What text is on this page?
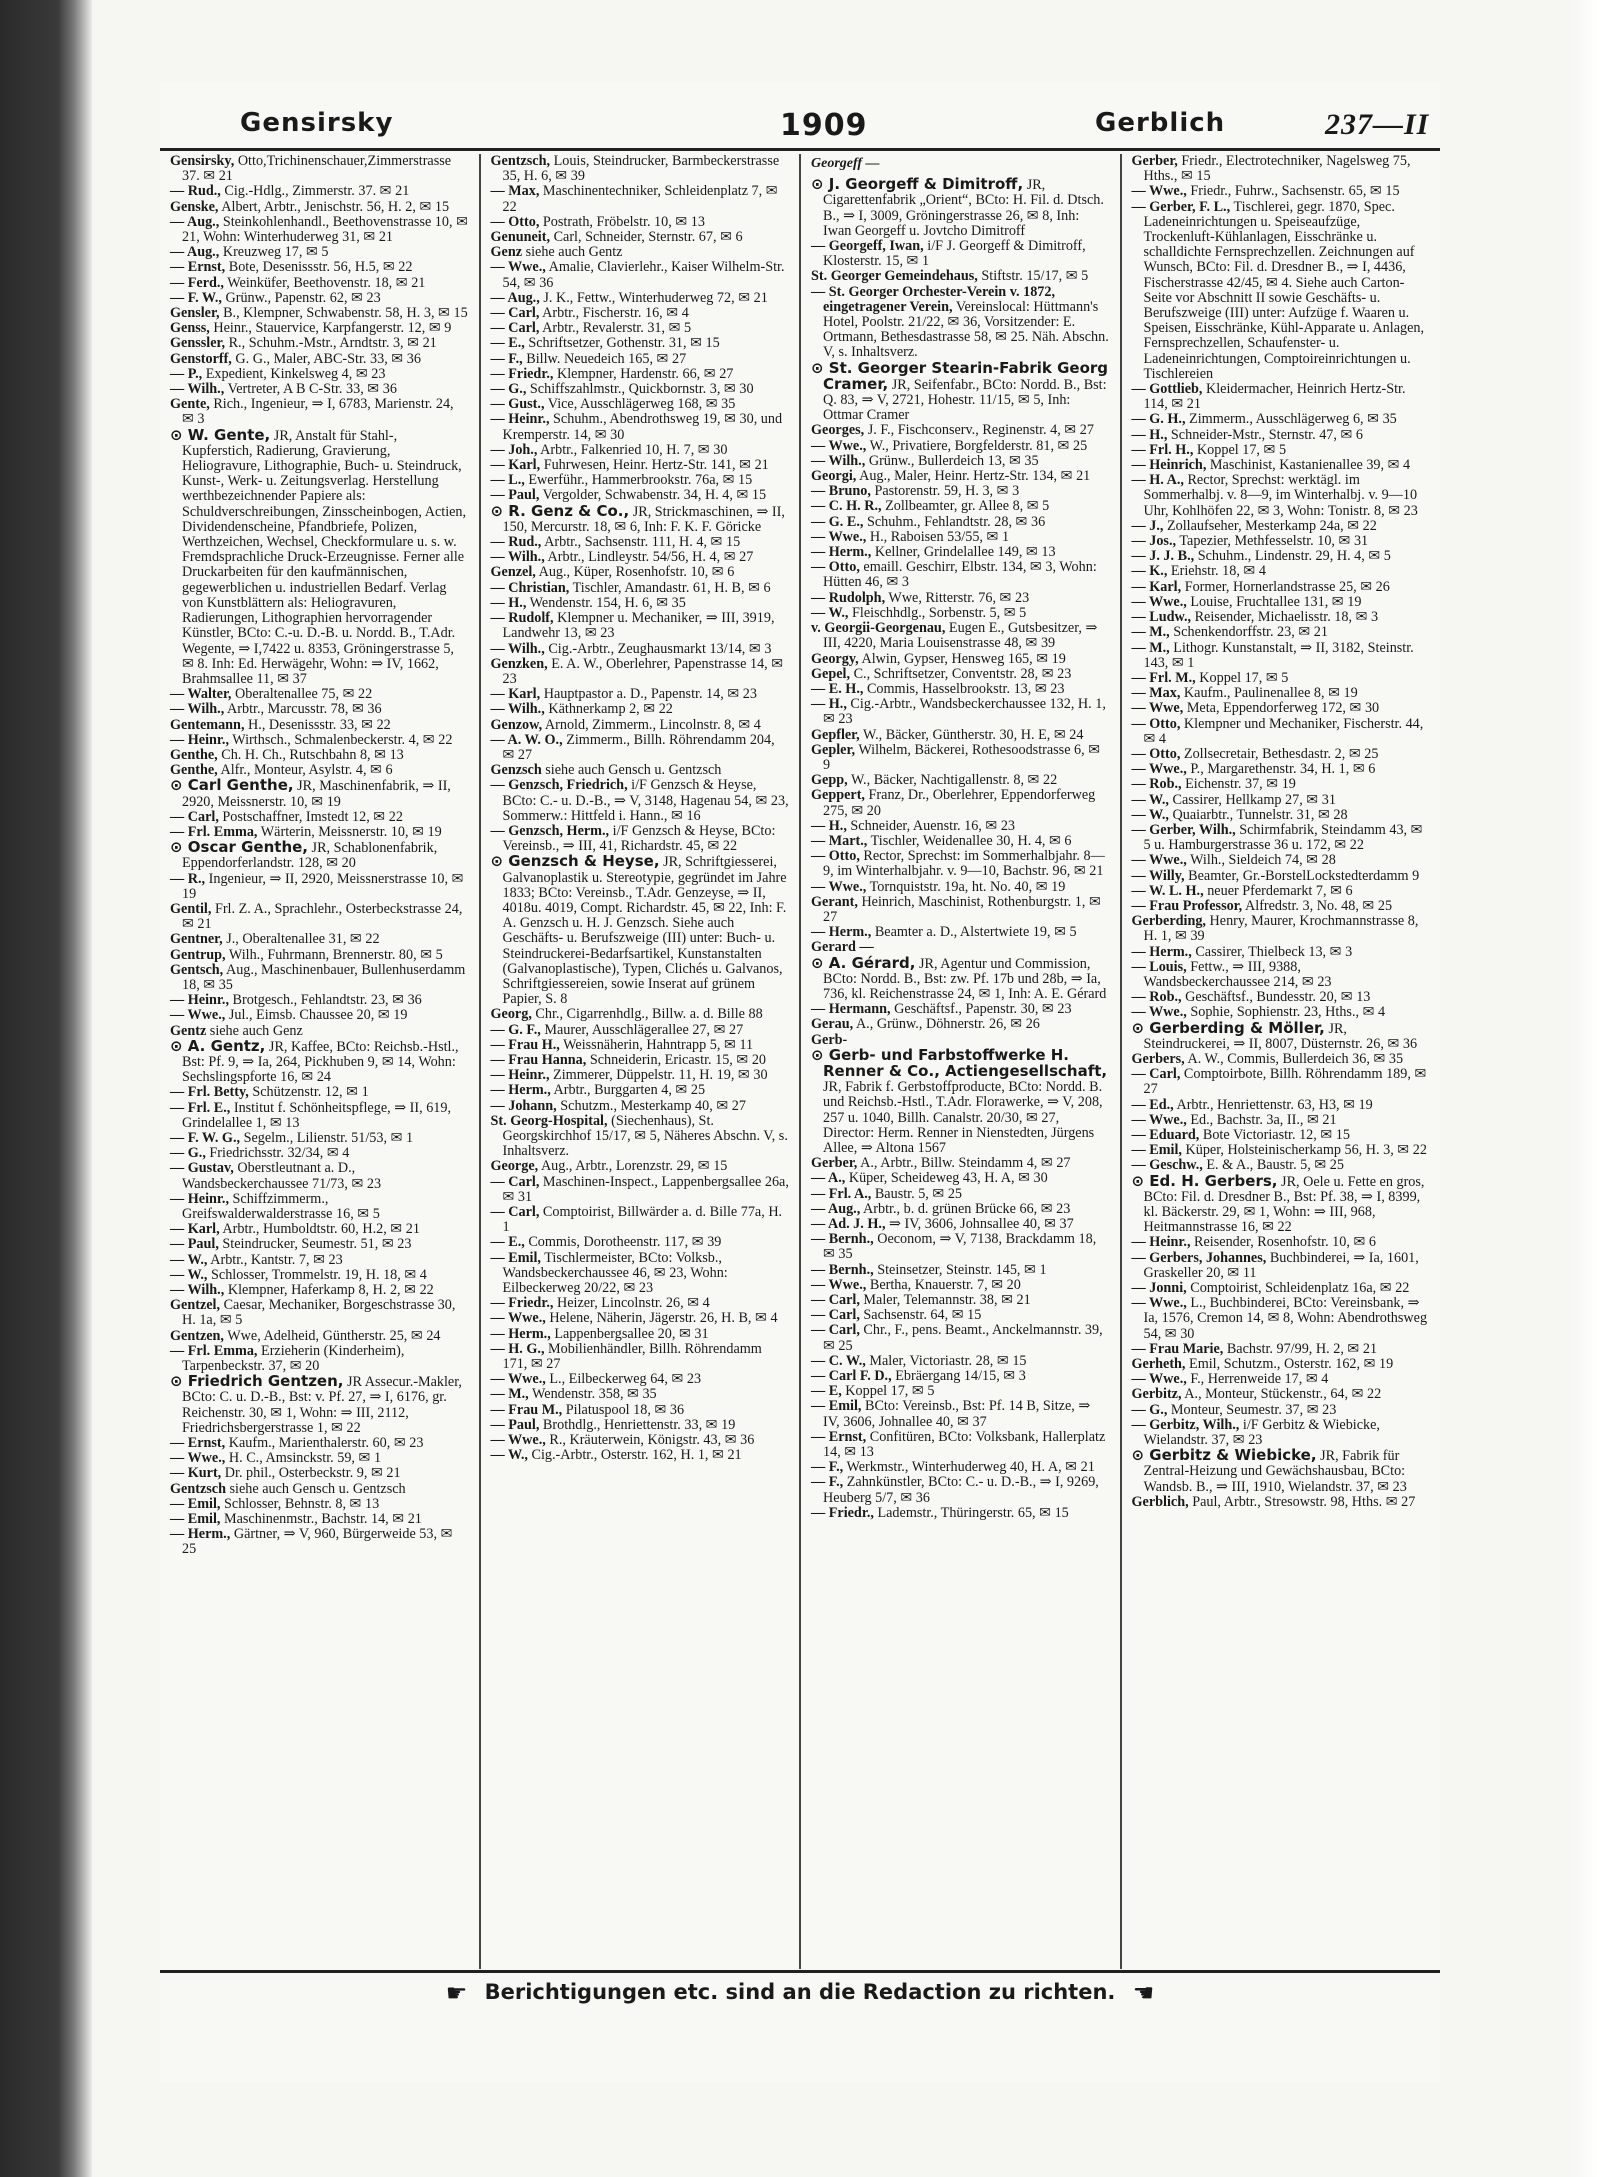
Gensirsky	1909	Gerblich	237—II

Gensirsky, Otto,Trichinenschauer,Zimmerstrasse 37. ✉ 21

— Rud., Cig.-Hdlg., Zimmerstr. 37. ✉ 21

Genske, Albert, Arbtr., Jenischstr. 56, H. 2, ✉ 15

— Aug., Steinkohlenhandl., Beethovenstrasse 10, ✉ 21, Wohn: Winterhuderweg 31, ✉ 21

— Aug., Kreuzweg 17, ✉ 5

— Ernst, Bote, Desenissstr. 56, H.5, ✉ 22

— Ferd., Weinküfer, Beethovenstr. 18, ✉ 21

— F. W., Grünw., Papenstr. 62, ✉ 23

Gensler, B., Klempner, Schwabenstr. 58, H. 3, ✉ 15

Genss, Heinr., Stauervice, Karpfangerstr. 12, ✉ 9

Genssler, R., Schuhm.-Mstr., Arndtstr. 3, ✉ 21

Genstorff, G. G., Maler, ABC-Str. 33, ✉ 36

— P., Expedient, Kinkelsweg 4, ✉ 23

— Wilh., Vertreter, A B C-Str. 33, ✉ 36

Gente, Rich., Ingenieur, ⇒ I, 6783, Marienstr. 24, ✉ 3

⊙ W. Gente, JR, Anstalt für Stahl-, Kupferstich, Radierung, Gravierung, Heliogravure, Lithographie, Buch- u. Steindruck, Kunst-, Werk- u. Zeitungsverlag. Herstellung werthbezeichnender Papiere als: Schuldverschreibungen, Zinsscheinbogen, Actien, Dividendenscheine, Pfandbriefe, Polizen, Werthzeichen, Wechsel, Checkformulare u. s. w. Fremdsprachliche Druck-Erzeugnisse. Ferner alle Druckarbeiten für den kaufmännischen, gegewerblichen u. industriellen Bedarf. Verlag von Kunstblättern als: Heliogravuren, Radierungen, Lithographien hervorragender Künstler, BCto: C.-u. D.-B. u. Nordd. B., T.Adr. Wegente, ⇒ I,7422 u. 8353, Gröningerstrasse 5, ✉ 8. Inh: Ed. Herwägehr, Wohn: ⇒ IV, 1662, Brahmsallee 11, ✉ 37

— Walter, Oberaltenallee 75, ✉ 22

— Wilh., Arbtr., Marcusstr. 78, ✉ 36

Gentemann, H., Desenissstr. 33, ✉ 22

— Heinr., Wirthsch., Schmalenbeckerstr. 4, ✉ 22

Genthe, Ch. H. Ch., Rutschbahn 8, ✉ 13

Genthe, Alfr., Monteur, Asylstr. 4, ✉ 6

⊙ Carl Genthe, JR, Maschinenfabrik, ⇒ II, 2920, Meissnerstr. 10, ✉ 19

— Carl, Postschaffner, Imstedt 12, ✉ 22

— Frl. Emma, Wärterin, Meissnerstr. 10, ✉ 19

⊙ Oscar Genthe, JR, Schablonenfabrik, Eppendorferlandstr. 128, ✉ 20

— R., Ingenieur, ⇒ II, 2920, Meissnerstrasse 10, ✉ 19

Gentil, Frl. Z. A., Sprachlehr., Osterbeckstrasse 24, ✉ 21

Gentner, J., Oberaltenallee 31, ✉ 22

Gentrup, Wilh., Fuhrmann, Brennerstr. 80, ✉ 5

Gentsch, Aug., Maschinenbauer, Bullenhuserdamm 18, ✉ 35

— Heinr., Brotgesch., Fehlandtstr. 23, ✉ 36

— Wwe., Jul., Eimsb. Chaussee 20, ✉ 19

Gentz siehe auch Genz

⊙ A. Gentz, JR, Kaffee, BCto: Reichsb.-Hstl., Bst: Pf. 9, ⇒ Ia, 264, Pickhuben 9, ✉ 14, Wohn: Sechslingspforte 16, ✉ 24

— Frl. Betty, Schützenstr. 12, ✉ 1

— Frl. E., Institut f. Schönheitspflege, ⇒ II, 619, Grindelallee 1, ✉ 13

— F. W. G., Segelm., Lilienstr. 51/53, ✉ 1

— G., Friedrichsstr. 32/34, ✉ 4

— Gustav, Oberstleutnant a. D., Wandsbeckerchaussee 71/73, ✉ 23

— Heinr., Schiffzimmerm., Greifswalderwalderstrasse 16, ✉ 5

— Karl, Arbtr., Humboldtstr. 60, H.2, ✉ 21

— Paul, Steindrucker, Seumestr. 51, ✉ 23

— W., Arbtr., Kantstr. 7, ✉ 23

— W., Schlosser, Trommelstr. 19, H. 18, ✉ 4

— Wilh., Klempner, Haferkamp 8, H. 2, ✉ 22

Gentzel, Caesar, Mechaniker, Borgeschstrasse 30, H. 1a, ✉ 5

Gentzen, Wwe, Adelheid, Güntherstr. 25, ✉ 24

— Frl. Emma, Erzieherin (Kinderheim), Tarpenbeckstr. 37, ✉ 20

⊙ Friedrich Gentzen, JR Assecur.-Makler, BCto: C. u. D.-B., Bst: v. Pf. 27, ⇒ I, 6176, gr. Reichenstr. 30, ✉ 1, Wohn: ⇒ III, 2112, Friedrichsbergerstrasse 1, ✉ 22

— Ernst, Kaufm., Marienthalerstr. 60, ✉ 23

— Wwe., H. C., Amsinckstr. 59, ✉ 1

— Kurt, Dr. phil., Osterbeckstr. 9, ✉ 21

Gentzsch siehe auch Gensch u. Gentzsch

— Emil, Schlosser, Behnstr. 8, ✉ 13

— Emil, Maschinenmstr., Bachstr. 14, ✉ 21

— Herm., Gärtner, ⇒ V, 960, Bürgerweide 53, ✉ 25

Gentzsch, Louis, Steindrucker, Barmbeckerstrasse 35, H. 6, ✉ 39

— Max, Maschinentechniker, Schleidenplatz 7, ✉ 22

— Otto, Postrath, Fröbelstr. 10, ✉ 13

Genuneit, Carl, Schneider, Sternstr. 67, ✉ 6

Genz siehe auch Gentz

— Wwe., Amalie, Clavierlehr., Kaiser Wilhelm-Str. 54, ✉ 36

— Aug., J. K., Fettw., Winterhuderweg 72, ✉ 21

— Carl, Arbtr., Fischerstr. 16, ✉ 4

— Carl, Arbtr., Revalerstr. 31, ✉ 5

— E., Schriftsetzer, Gothenstr. 31, ✉ 15

— F., Billw. Neuedeich 165, ✉ 27

— Friedr., Klempner, Hardenstr. 66, ✉ 27

— G., Schiffszahlmstr., Quickbornstr. 3, ✉ 30

— Gust., Vice, Ausschlägerweg 168, ✉ 35

— Heinr., Schuhm., Abendrothsweg 19, ✉ 30, und Kremperstr. 14, ✉ 30

— Joh., Arbtr., Falkenried 10, H. 7, ✉ 30

— Karl, Fuhrwesen, Heinr. Hertz-Str. 141, ✉ 21

— L., Ewerführ., Hammerbrookstr. 76a, ✉ 15

— Paul, Vergolder, Schwabenstr. 34, H. 4, ✉ 15

⊙ R. Genz & Co., JR, Strickmaschinen, ⇒ II, 150, Mercurstr. 18, ✉ 6, Inh: F. K. F. Göricke

— Rud., Arbtr., Sachsenstr. 111, H. 4, ✉ 15

— Wilh., Arbtr., Lindleystr. 54/56, H. 4, ✉ 27

Genzel, Aug., Küper, Rosenhofstr. 10, ✉ 6

— Christian, Tischler, Amandastr. 61, H. B, ✉ 6

— H., Wendenstr. 154, H. 6, ✉ 35

— Rudolf, Klempner u. Mechaniker, ⇒ III, 3919, Landwehr 13, ✉ 23

— Wilh., Cig.-Arbtr., Zeughausmarkt 13/14, ✉ 3

Genzken, E. A. W., Oberlehrer, Papenstrasse 14, ✉ 23

— Karl, Hauptpastor a. D., Papenstr. 14, ✉ 23

— Wilh., Käthnerkamp 2, ✉ 22

Genzow, Arnold, Zimmerm., Lincolnstr. 8, ✉ 4

— A. W. O., Zimmerm., Billh. Röhrendamm 204, ✉ 27

Genzsch siehe auch Gensch u. Gentzsch

— Genzsch, Friedrich, i/F Genzsch & Heyse, BCto: C.- u. D.-B., ⇒ V, 3148, Hagenau 54, ✉ 23, Sommerw.: Hittfeld i. Hann., ✉ 16

— Genzsch, Herm., i/F Genzsch & Heyse, BCto: Vereinsb., ⇒ III, 41, Richardstr. 45, ✉ 22

⊙ Genzsch & Heyse, JR, Schriftgiesserei, Galvanoplastik u. Stereotypie, gegründet im Jahre 1833; BCto: Vereinsb., T.Adr. Genzeyse, ⇒ II, 4018u. 4019, Compt. Richardstr. 45, ✉ 22, Inh: F. A. Genzsch u. H. J. Genzsch. Siehe auch Geschäfts- u. Berufszweige (III) unter: Buch- u. Steindruckerei-Bedarfsartikel, Kunstanstalten (Galvanoplastische), Typen, Clichés u. Galvanos, Schriftgiessereien, sowie Inserat auf grünem Papier, S. 8

Georg, Chr., Cigarrenhdlg., Billw. a. d. Bille 88

— G. F., Maurer, Ausschlägerallee 27, ✉ 27

— Frau H., Weissnäherin, Hahntrapp 5, ✉ 11

— Frau Hanna, Schneiderin, Ericastr. 15, ✉ 20

— Heinr., Zimmerer, Düppelstr. 11, H. 19, ✉ 30

— Herm., Arbtr., Burggarten 4, ✉ 25

— Johann, Schutzm., Mesterkamp 40, ✉ 27

St. Georg-Hospital, (Siechenhaus), St. Georgskirchhof 15/17, ✉ 5, Näheres Abschn. V, s. Inhaltsverz.

George, Aug., Arbtr., Lorenzstr. 29, ✉ 15

— Carl, Maschinen-Inspect., Lappenbergsallee 26a, ✉ 31

— Carl, Comptoirist, Billwärder a. d. Bille 77a, H. 1

— E., Commis, Dorotheenstr. 117, ✉ 39

— Emil, Tischlermeister, BCto: Volksb., Wandsbeckerchaussee 46, ✉ 23, Wohn: Eilbeckerweg 20/22, ✉ 23

— Friedr., Heizer, Lincolnstr. 26, ✉ 4

— Wwe., Helene, Näherin, Jägerstr. 26, H. B, ✉ 4

— Herm., Lappenbergsallee 20, ✉ 31

— H. G., Mobilienhändler, Billh. Röhrendamm 171, ✉ 27

— Wwe., L., Eilbeckerweg 64, ✉ 23

— M., Wendenstr. 358, ✉ 35

— Frau M., Pilatuspool 18, ✉ 36

— Paul, Brothdlg., Henriettenstr. 33, ✉ 19

— Wwe., R., Kräuterwein, Königstr. 43, ✉ 36

— W., Cig.-Arbtr., Osterstr. 162, H. 1, ✉ 21

Georgeff —

⊙ J. Georgeff & Dimitroff, JR, Cigarettenfabrik „Orient“, BCto: H. Fil. d. Dtsch. B., ⇒ I, 3009, Gröningerstrasse 26, ✉ 8, Inh: Iwan Georgeff u. Jovtcho Dimitroff

— Georgeff, Iwan, i/F J. Georgeff & Dimitroff, Klosterstr. 15, ✉ 1

St. Georger Gemeindehaus, Stiftstr. 15/17, ✉ 5

— St. Georger Orchester-Verein v. 1872, eingetragener Verein, Vereinslocal: Hüttmann's Hotel, Poolstr. 21/22, ✉ 36, Vorsitzender: E. Ortmann, Bethesdastrasse 58, ✉ 25. Näh. Abschn. V, s. Inhaltsverz.

⊙ St. Georger Stearin-Fabrik Georg Cramer, JR, Seifenfabr., BCto: Nordd. B., Bst: Q. 83, ⇒ V, 2721, Hohestr. 11/15, ✉ 5, Inh: Ottmar Cramer

Georges, J. F., Fischconserv., Reginenstr. 4, ✉ 27

— Wwe., W., Privatiere, Borgfelderstr. 81, ✉ 25

— Wilh., Grünw., Bullerdeich 13, ✉ 35

Georgi, Aug., Maler, Heinr. Hertz-Str. 134, ✉ 21

— Bruno, Pastorenstr. 59, H. 3, ✉ 3

— C. H. R., Zollbeamter, gr. Allee 8, ✉ 5

— G. E., Schuhm., Fehlandtstr. 28, ✉ 36

— Wwe., H., Raboisen 53/55, ✉ 1

— Herm., Kellner, Grindelallee 149, ✉ 13

— Otto, emaill. Geschirr, Elbstr. 134, ✉ 3, Wohn: Hütten 46, ✉ 3

— Rudolph, Wwe, Ritterstr. 76, ✉ 23

— W., Fleischhdlg., Sorbenstr. 5, ✉ 5

v. Georgii-Georgenau, Eugen E., Gutsbesitzer, ⇒ III, 4220, Maria Louisenstrasse 48, ✉ 39

Georgy, Alwin, Gypser, Hensweg 165, ✉ 19

Gepel, C., Schriftsetzer, Conventstr. 28, ✉ 23

— E. H., Commis, Hasselbrookstr. 13, ✉ 23

— H., Cig.-Arbtr., Wandsbeckerchaussee 132, H. 1, ✉ 23

Gepfler, W., Bäcker, Güntherstr. 30, H. E, ✉ 24

Gepler, Wilhelm, Bäckerei, Rothesoodstrasse 6, ✉ 9

Gepp, W., Bäcker, Nachtigallenstr. 8, ✉ 22

Geppert, Franz, Dr., Oberlehrer, Eppendorferweg 275, ✉ 20

— H., Schneider, Auenstr. 16, ✉ 23

— Mart., Tischler, Weidenallee 30, H. 4, ✉ 6

— Otto, Rector, Sprechst: im Sommerhalbjahr. 8—9, im Winterhalbjahr. v. 9—10, Bachstr. 96, ✉ 21

— Wwe., Tornquiststr. 19a, ht. No. 40, ✉ 19

Gerant, Heinrich, Maschinist, Rothenburgstr. 1, ✉ 27

— Herm., Beamter a. D., Alstertwiete 19, ✉ 5

Gerard —

⊙ A. Gérard, JR, Agentur und Commission, BCto: Nordd. B., Bst: zw. Pf. 17b und 28b, ⇒ Ia, 736, kl. Reichenstrasse 24, ✉ 1, Inh: A. E. Gérard

— Hermann, Geschäftsf., Papenstr. 30, ✉ 23

Gerau, A., Grünw., Döhnerstr. 26, ✉ 26

Gerb-

⊙ Gerb- und Farbstoffwerke H. Renner & Co., Actiengesellschaft, JR, Fabrik f. Gerbstoffproducte, BCto: Nordd. B. und Reichsb.-Hstl., T.Adr. Florawerke, ⇒ V, 208, 257 u. 1040, Billh. Canalstr. 20/30, ✉ 27, Director: Herm. Renner in Nienstedten, Jürgens Allee, ⇒ Altona 1567

Gerber, A., Arbtr., Billw. Steindamm 4, ✉ 27

— A., Küper, Scheideweg 43, H. A, ✉ 30

— Frl. A., Baustr. 5, ✉ 25

— Aug., Arbtr., b. d. grünen Brücke 66, ✉ 23

— Ad. J. H., ⇒ IV, 3606, Johnsallee 40, ✉ 37

— Bernh., Oeconom, ⇒ V, 7138, Brackdamm 18, ✉ 35

— Bernh., Steinsetzer, Steinstr. 145, ✉ 1

— Wwe., Bertha, Knauerstr. 7, ✉ 20

— Carl, Maler, Telemannstr. 38, ✉ 21

— Carl, Sachsenstr. 64, ✉ 15

— Carl, Chr., F., pens. Beamt., Anckelmannstr. 39, ✉ 25

— C. W., Maler, Victoriastr. 28, ✉ 15

— Carl F. D., Ebräergang 14/15, ✉ 3

— E, Koppel 17, ✉ 5

— Emil, BCto: Vereinsb., Bst: Pf. 14 B, Sitze, ⇒ IV, 3606, Johnallee 40, ✉ 37

— Ernst, Confitüren, BCto: Volksbank, Hallerplatz 14, ✉ 13

— F., Werkmstr., Winterhuderweg 40, H. A, ✉ 21

— F., Zahnkünstler, BCto: C.- u. D.-B., ⇒ I, 9269, Heuberg 5/7, ✉ 36

— Friedr., Lademstr., Thüringerstr. 65, ✉ 15

Gerber, Friedr., Electrotechniker, Nagelsweg 75, Hths., ✉ 15

— Wwe., Friedr., Fuhrw., Sachsenstr. 65, ✉ 15

— Gerber, F. L., Tischlerei, gegr. 1870, Spec. Ladeneinrichtungen u. Speiseaufzüge, Trockenluft-Kühlanlagen, Eisschränke u. schalldichte Fernsprechzellen. Zeichnungen auf Wunsch, BCto: Fil. d. Dresdner B., ⇒ I, 4436, Fischerstrasse 42/45, ✉ 4. Siehe auch Carton-Seite vor Abschnitt II sowie Geschäfts- u. Berufszweige (III) unter: Aufzüge f. Waaren u. Speisen, Eisschränke, Kühl-Apparate u. Anlagen, Fernsprechzellen, Schaufenster- u. Ladeneinrichtungen, Comptoireinrichtungen u. Tischlereien

— Gottlieb, Kleidermacher, Heinrich Hertz-Str. 114, ✉ 21

— G. H., Zimmerm., Ausschlägerweg 6, ✉ 35

— H., Schneider-Mstr., Sternstr. 47, ✉ 6

— Frl. H., Koppel 17, ✉ 5

— Heinrich, Maschinist, Kastanienallee 39, ✉ 4

— H. A., Rector, Sprechst: werktägl. im Sommerhalbj. v. 8—9, im Winterhalbj. v. 9—10 Uhr, Kohlhöfen 22, ✉ 3, Wohn: Tonistr. 8, ✉ 23

— J., Zollaufseher, Mesterkamp 24a, ✉ 22

— Jos., Tapezier, Methfesselstr. 10, ✉ 31

— J. J. B., Schuhm., Lindenstr. 29, H. 4, ✉ 5

— K., Eriehstr. 18, ✉ 4

— Karl, Former, Hornerlandstrasse 25, ✉ 26

— Wwe., Louise, Fruchtallee 131, ✉ 19

— Ludw., Reisender, Michaelisstr. 18, ✉ 3

— M., Schenkendorffstr. 23, ✉ 21

— M., Lithogr. Kunstanstalt, ⇒ II, 3182, Steinstr. 143, ✉ 1

— Frl. M., Koppel 17, ✉ 5

— Max, Kaufm., Paulinenallee 8, ✉ 19

— Wwe, Meta, Eppendorferweg 172, ✉ 30

— Otto, Klempner und Mechaniker, Fischerstr. 44, ✉ 4

— Otto, Zollsecretair, Bethesdastr. 2, ✉ 25

— Wwe., P., Margarethenstr. 34, H. 1, ✉ 6

— Rob., Eichenstr. 37, ✉ 19

— W., Cassirer, Hellkamp 27, ✉ 31

— W., Quaiarbtr., Tunnelstr. 31, ✉ 28

— Gerber, Wilh., Schirmfabrik, Steindamm 43, ✉ 5 u. Hamburgerstrasse 36 u. 172, ✉ 22

— Wwe., Wilh., Sieldeich 74, ✉ 28

— Willy, Beamter, Gr.-BorstelLockstedterdamm 9

— W. L. H., neuer Pferdemarkt 7, ✉ 6

— Frau Professor, Alfredstr. 3, No. 48, ✉ 25

Gerberding, Henry, Maurer, Krochmannstrasse 8, H. 1, ✉ 39

— Herm., Cassirer, Thielbeck 13, ✉ 3

— Louis, Fettw., ⇒ III, 9388, Wandsbeckerchaussee 214, ✉ 23

— Rob., Geschäftsf., Bundesstr. 20, ✉ 13

— Wwe., Sophie, Sophienstr. 23, Hths., ✉ 4

⊙ Gerberding & Möller, JR, Steindruckerei, ⇒ II, 8007, Düsternstr. 26, ✉ 36

Gerbers, A. W., Commis, Bullerdeich 36, ✉ 35

— Carl, Comptoirbote, Billh. Röhrendamm 189, ✉ 27

— Ed., Arbtr., Henriettenstr. 63, H3, ✉ 19

— Wwe., Ed., Bachstr. 3a, II., ✉ 21

— Eduard, Bote Victoriastr. 12, ✉ 15

— Emil, Küper, Holsteinischerkamp 56, H. 3, ✉ 22

— Geschw., E. & A., Baustr. 5, ✉ 25

⊙ Ed. H. Gerbers, JR, Oele u. Fette en gros, BCto: Fil. d. Dresdner B., Bst: Pf. 38, ⇒ I, 8399, kl. Bäckerstr. 29, ✉ 1, Wohn: ⇒ III, 968, Heitmannstrasse 16, ✉ 22

— Heinr., Reisender, Rosenhofstr. 10, ✉ 6

— Gerbers, Johannes, Buchbinderei, ⇒ Ia, 1601, Graskeller 20, ✉ 11

— Jonni, Comptoirist, Schleidenplatz 16a, ✉ 22

— Wwe., L., Buchbinderei, BCto: Vereinsbank, ⇒ Ia, 1576, Cremon 14, ✉ 8, Wohn: Abendrothsweg 54, ✉ 30

— Frau Marie, Bachstr. 97/99, H. 2, ✉ 21

Gerheth, Emil, Schutzm., Osterstr. 162, ✉ 19

— Wwe., F., Herrenweide 17, ✉ 4

Gerbitz, A., Monteur, Stückenstr., 64, ✉ 22

— G., Monteur, Seumestr. 37, ✉ 23

— Gerbitz, Wilh., i/F Gerbitz & Wiebicke, Wielandstr. 37, ✉ 23

⊙ Gerbitz & Wiebicke, JR, Fabrik für Zentral-Heizung und Gewächshausbau, BCto: Wandsb. B., ⇒ III, 1910, Wielandstr. 37, ✉ 23

Gerblich, Paul, Arbtr., Stresowstr. 98, Hths. ✉ 27

☛ Berichtigungen etc. sind an die Redaction zu richten. ☚
